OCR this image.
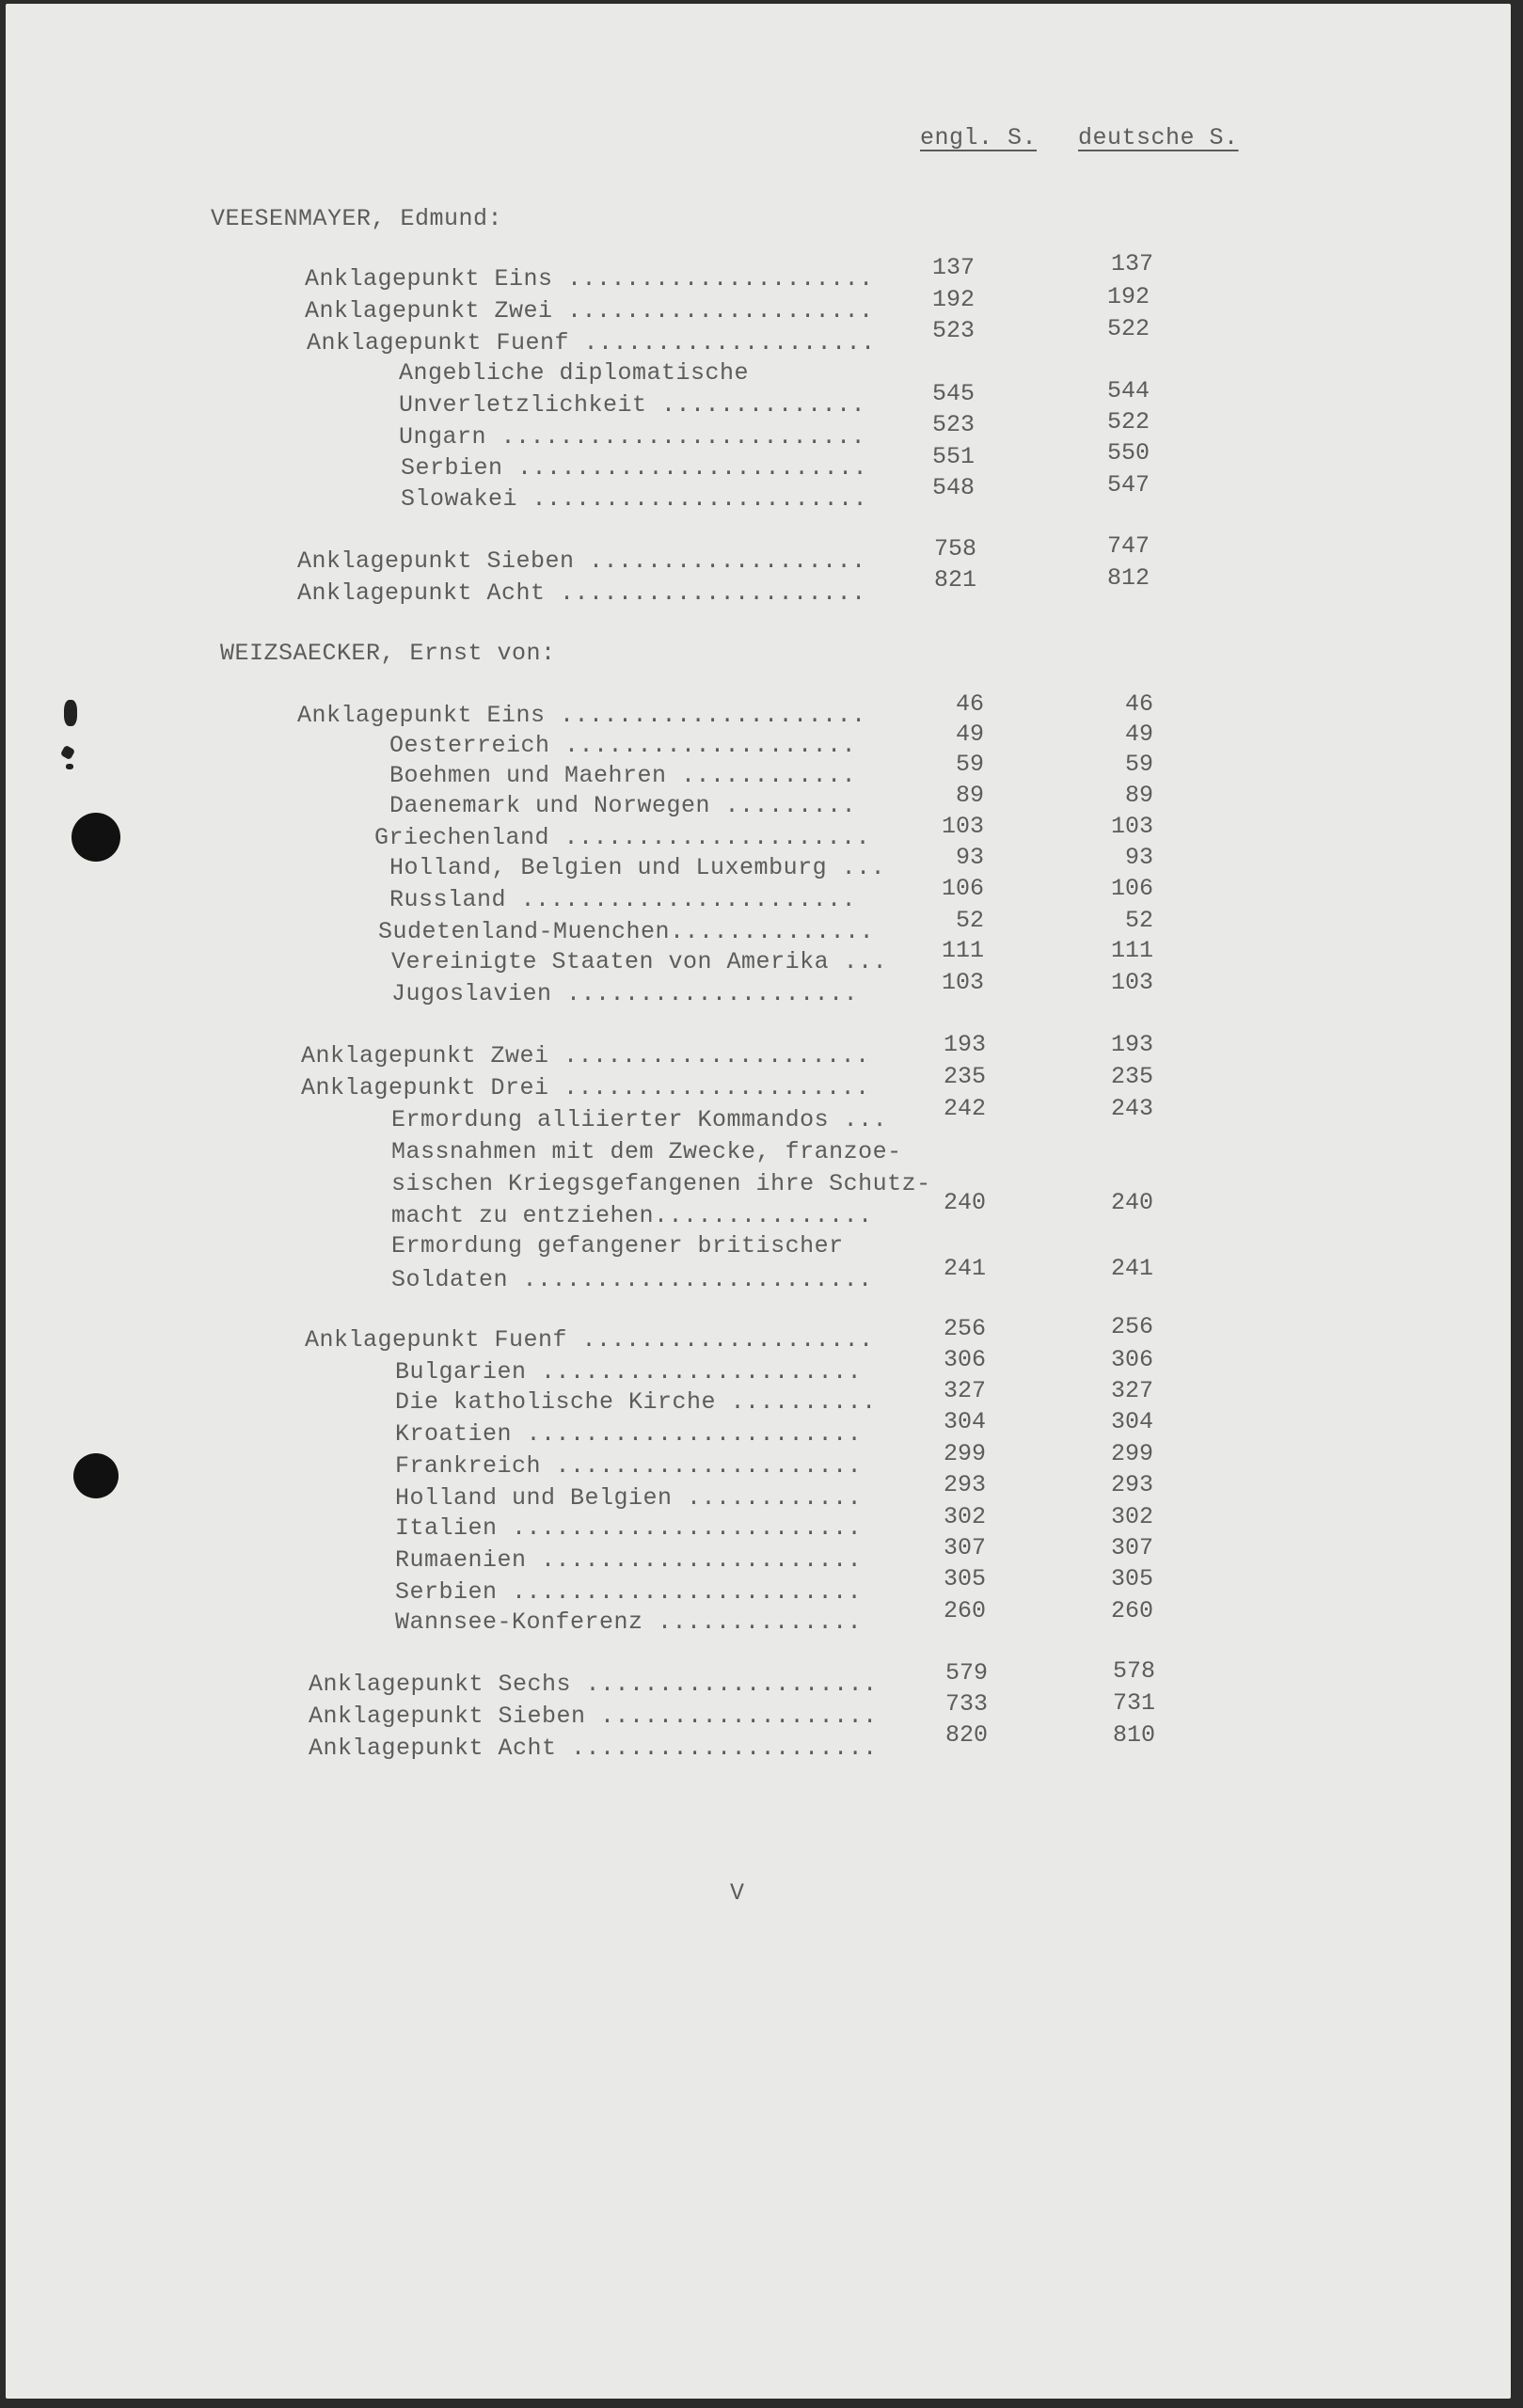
engl. S. deutsche S.
VEESENMAYER, Edmund:
Anklagepunkt Eins .....................	137	137
Anklagepunkt Zwei .....................	192	192
Anklagepunkt Fuenf ....................	523	522
Angebliche diplomatische
Unverletzlichkeit ..............	545	544
Ungarn .........................	523	522
Serbien ........................	551	550
Slowakei .......................	548	547
Anklagepunkt Sieben ...................	758	747
Anklagepunkt Acht .....................	821	812
WEIZSAECKER, Ernst von:
Anklagepunkt Eins .....................	46	46
Oesterreich ....................	49	49
Boehmen und Maehren ............	59	59
Daenemark und Norwegen .........	89	89
Griechenland .....................	103	103
Holland, Belgien und Luxemburg ...	93	93
Russland .......................	106	106
Sudetenland-Muenchen..............	52	52
Vereinigte Staaten von Amerika ...	111	111
Jugoslavien ....................	103	103
Anklagepunkt Zwei .....................	193	193
Anklagepunkt Drei .....................	235	235
Ermordung alliierter Kommandos ...	242	243
Massnahmen mit dem Zwecke, franzoe-
sischen Kriegsgefangenen ihre Schutz-
macht zu entziehen...............	240	240
Ermordung gefangener britischer
Soldaten ........................	241	241
Anklagepunkt Fuenf ....................	256	256
Bulgarien ......................	306	306
Die katholische Kirche ..........	327	327
Kroatien .......................	304	304
Frankreich .....................	299	299
Holland und Belgien ............	293	293
Italien ........................	302	302
Rumaenien ......................	307	307
Serbien ........................	305	305
Wannsee-Konferenz ..............	260	260
Anklagepunkt Sechs ....................	579	578
Anklagepunkt Sieben ...................	733	731
Anklagepunkt Acht .....................	820	810
V
